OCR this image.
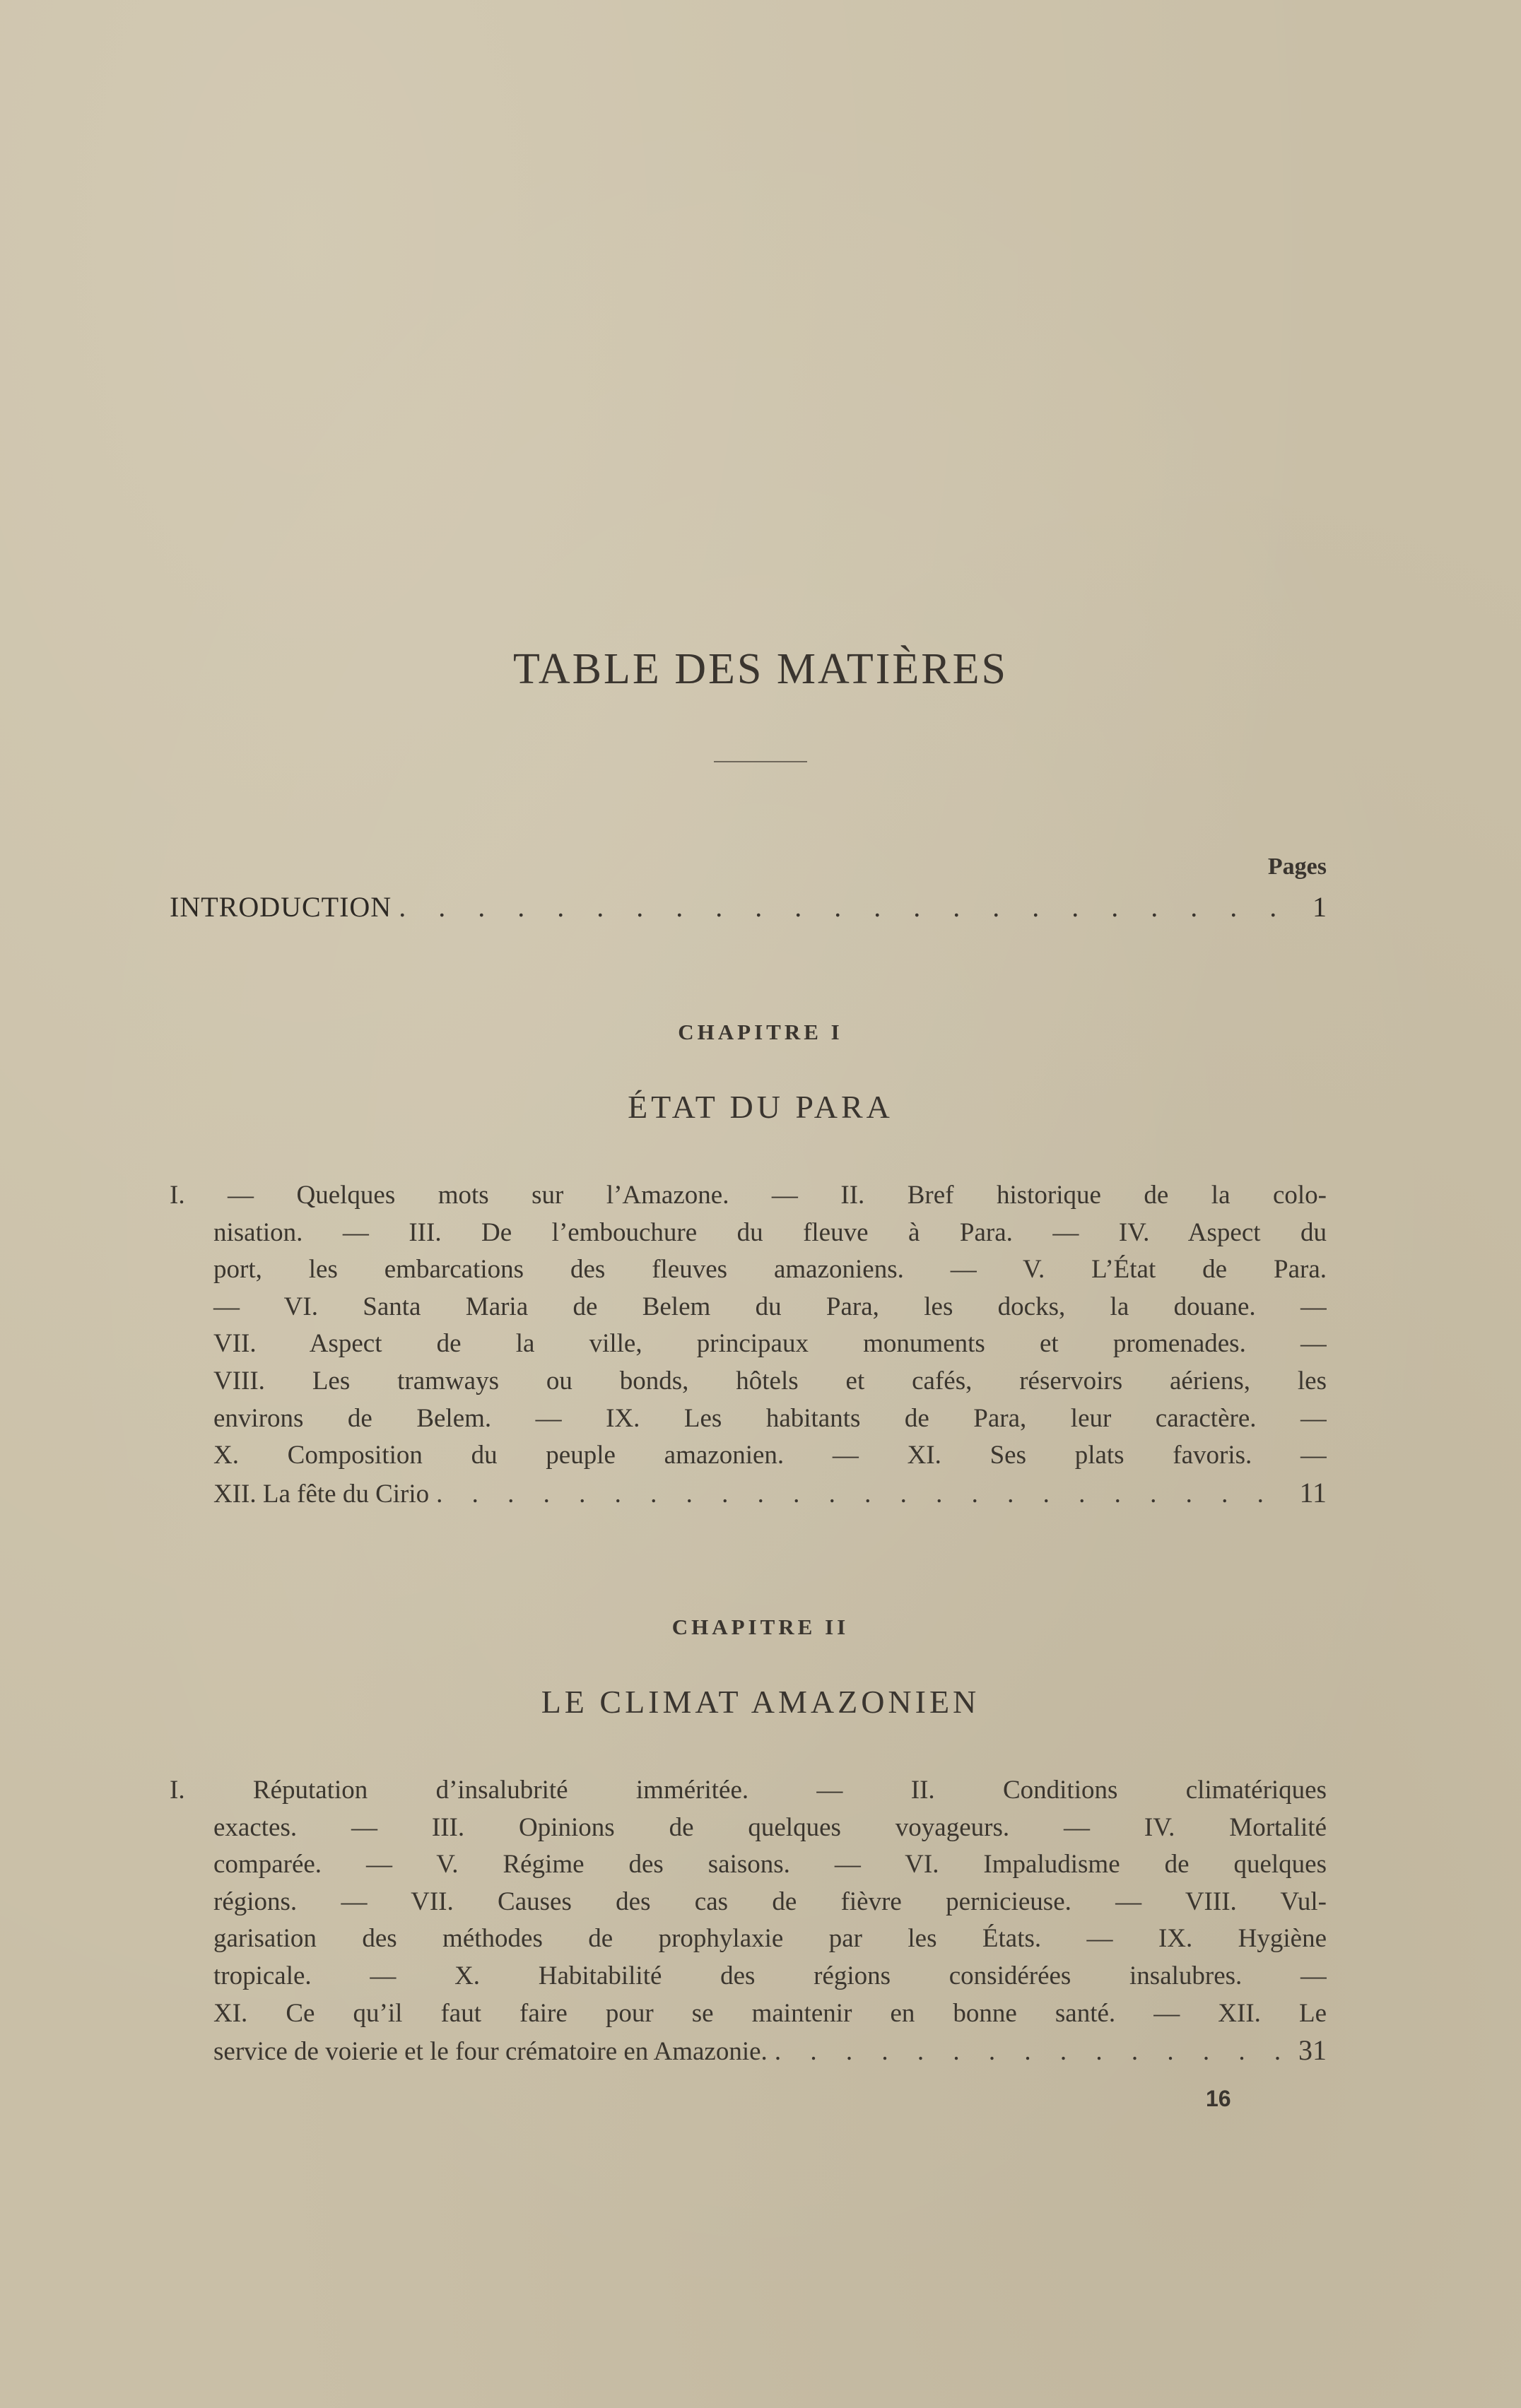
TABLE DES MATIÈRES
Pages
INTRODUCTION . . .	1
CHAPITRE I
ÉTAT DU PARA
I. — Quelques mots sur l’Amazone. — II. Bref historique de la colo-
nisation. — III. De l’embouchure du fleuve à Para. — IV. Aspect du
port, les embarcations des fleuves amazoniens. — V. L’État de Para.
— VI. Santa Maria de Belem du Para, les docks, la douane. —
VII. Aspect de la ville, principaux monuments et promenades. —
VIII. Les tramways ou bonds, hôtels et cafés, réservoirs aériens, les
environs de Belem. — IX. Les habitants de Para, leur caractère. —
X. Composition du peuple amazonien. — XI. Ses plats favoris. —
XII. La fête du Cirio . . .	11
CHAPITRE II
LE CLIMAT AMAZONIEN
I. Réputation d’insalubrité imméritée. — II. Conditions climatériques
exactes. — III. Opinions de quelques voyageurs. — IV. Mortalité
comparée. — V. Régime des saisons. — VI. Impaludisme de quelques
régions. — VII. Causes des cas de fièvre pernicieuse. — VIII. Vul-
garisation des méthodes de prophylaxie par les États. — IX. Hygiène
tropicale. — X. Habitabilité des régions considérées insalubres. —
XI. Ce qu’il faut faire pour se maintenir en bonne santé. — XII. Le
service de voierie et le four crématoire en Amazonie. . . .	31
16
